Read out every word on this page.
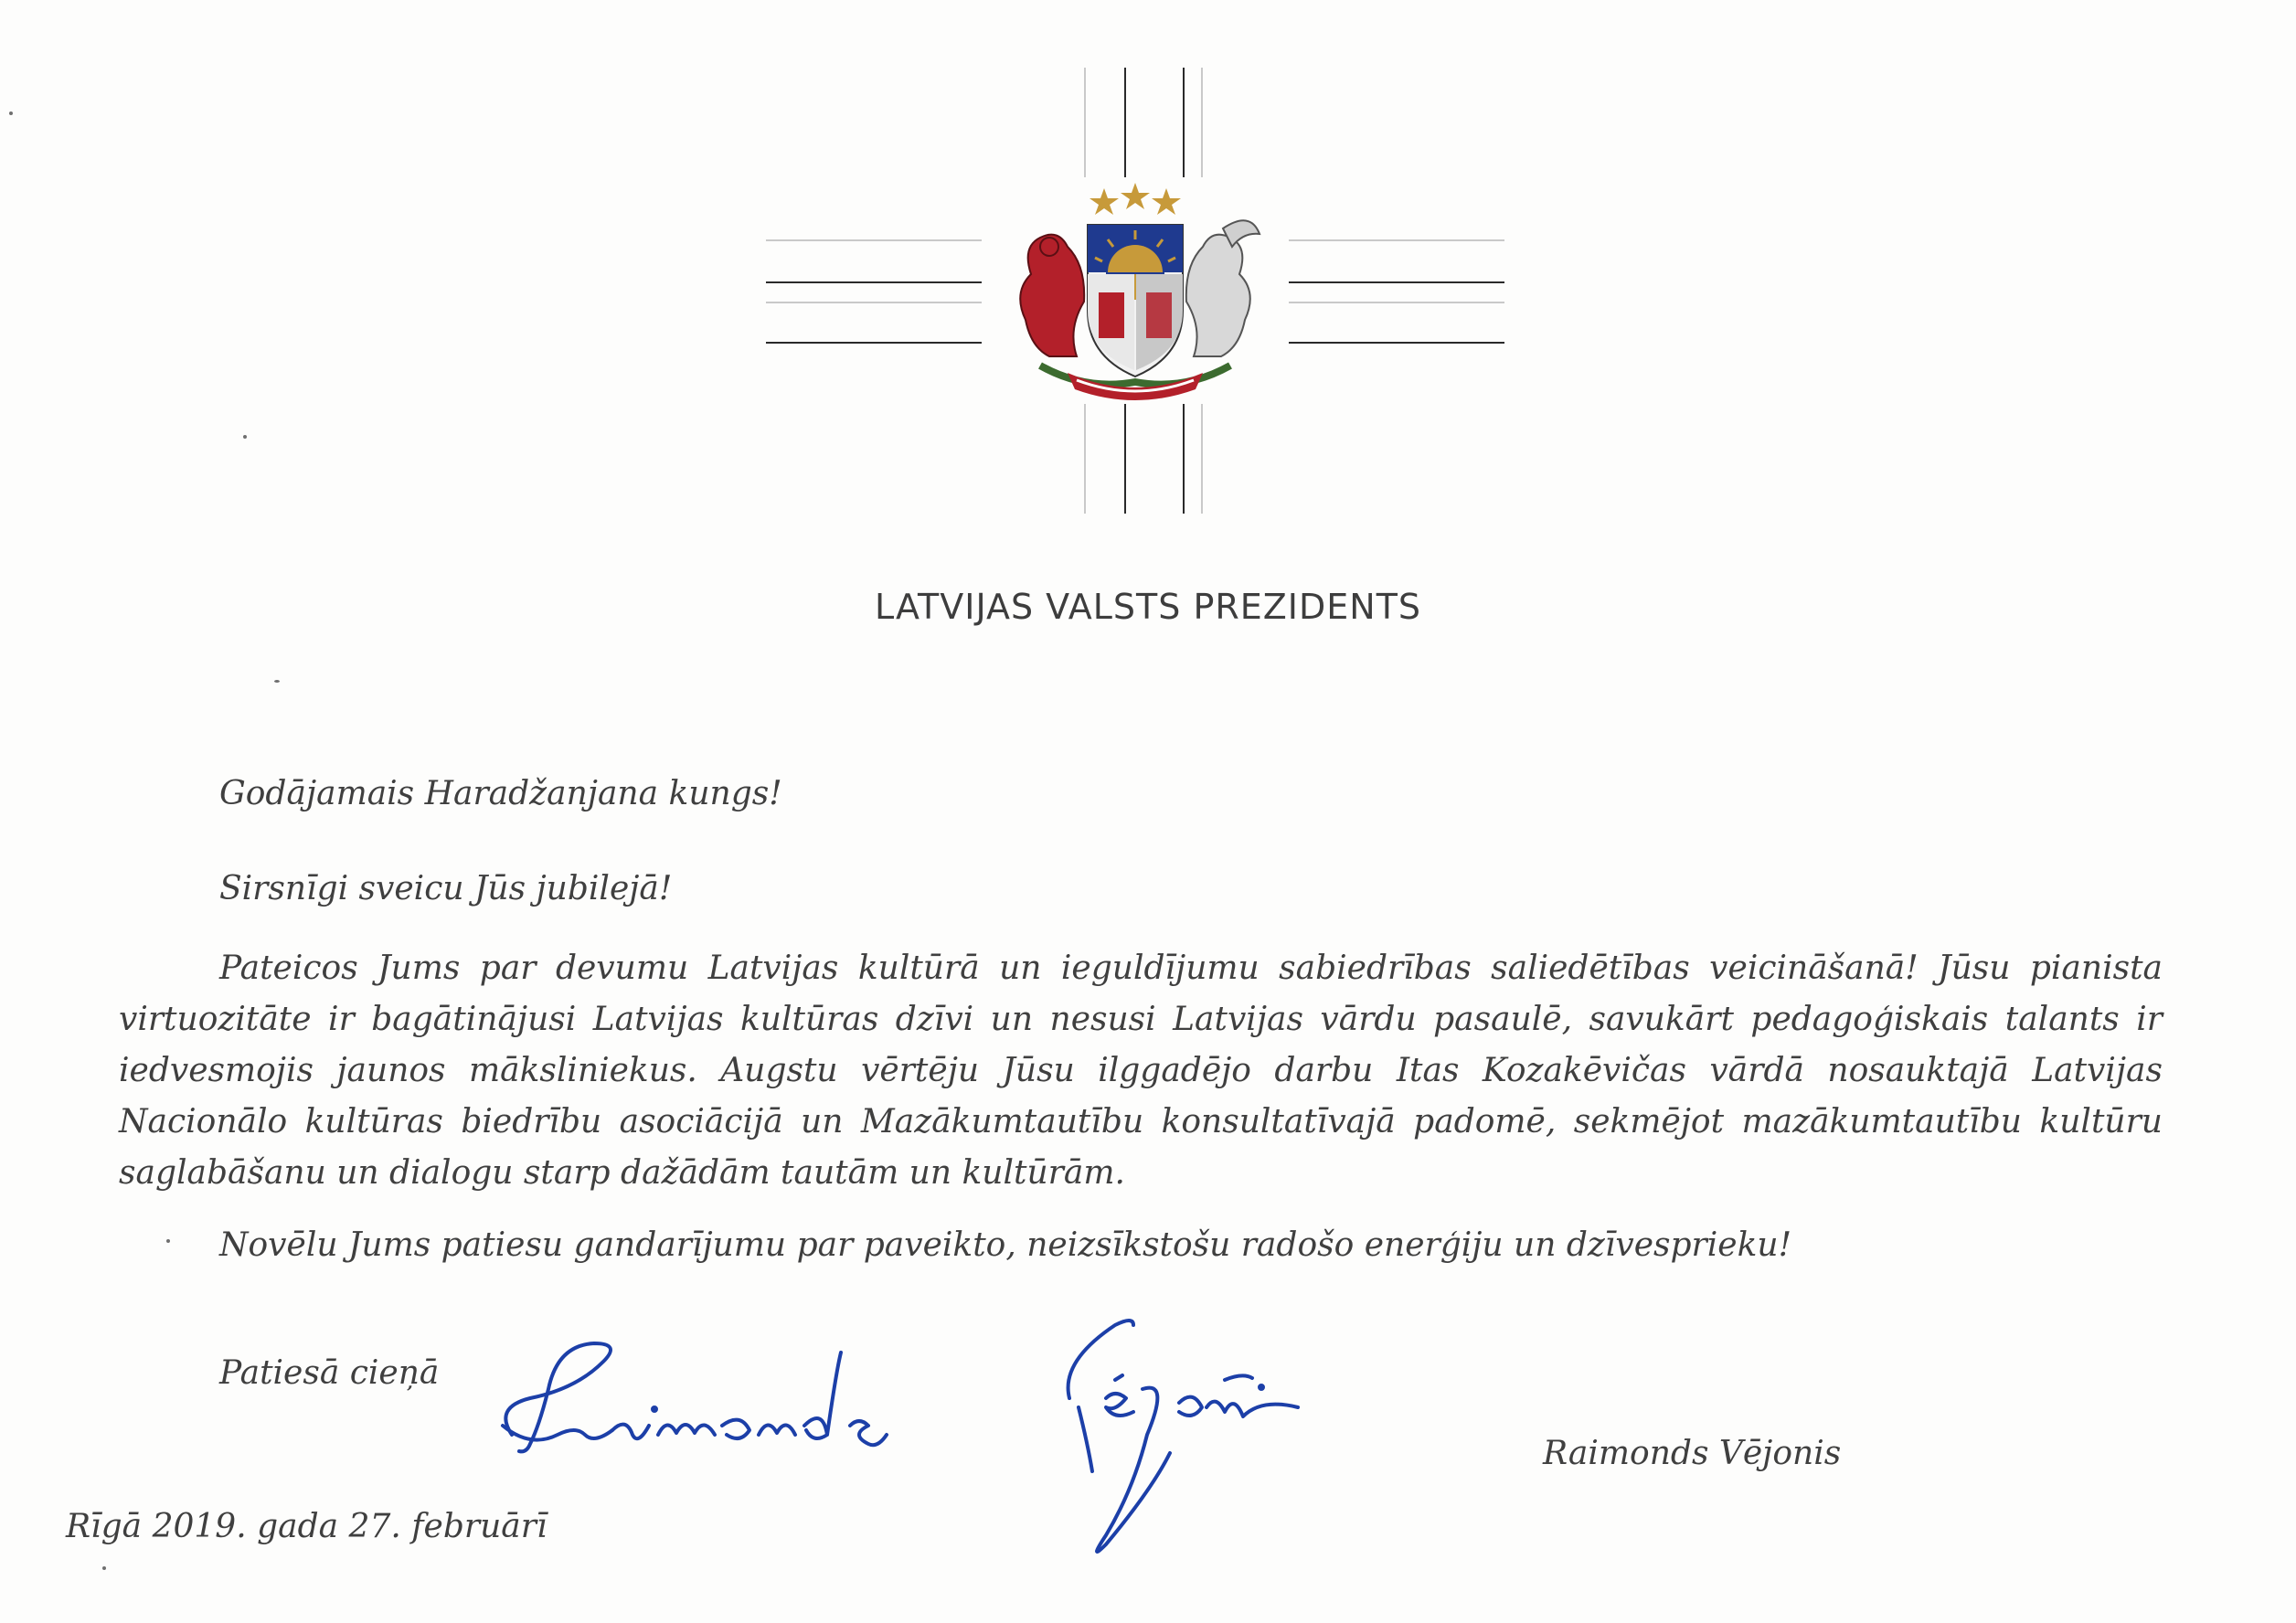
LATVIJAS VALSTS PREZIDENTS
Godājamais Haradžanjana kungs!
Sirsnīgi sveicu Jūs jubilejā!
Pateicos Jums par devumu Latvijas kultūrā un ieguldījumu sabiedrības saliedētības veicināšanā! Jūsu pianista virtuozitāte ir bagātinājusi Latvijas kultūras dzīvi un nesusi Latvijas vārdu pasaulē, savukārt pedagoģiskais talants ir iedvesmojis jaunos māksliniekus. Augstu vērtēju Jūsu ilggadējo darbu Itas Kozakēvičas vārdā nosauktajā Latvijas Nacionālo kultūras biedrību asociācijā un Mazākumtautību konsultatīvajā padomē, sekmējot mazākumtautību kultūru saglabāšanu un dialogu starp dažādām tautām un kultūrām.
Novēlu Jums patiesu gandarījumu par paveikto, neizsīkstošu radošo enerģiju un dzīvesprieku!
Patiesā cieņā
Raimonds Vējonis
Rīgā 2019. gada 27. februārī
